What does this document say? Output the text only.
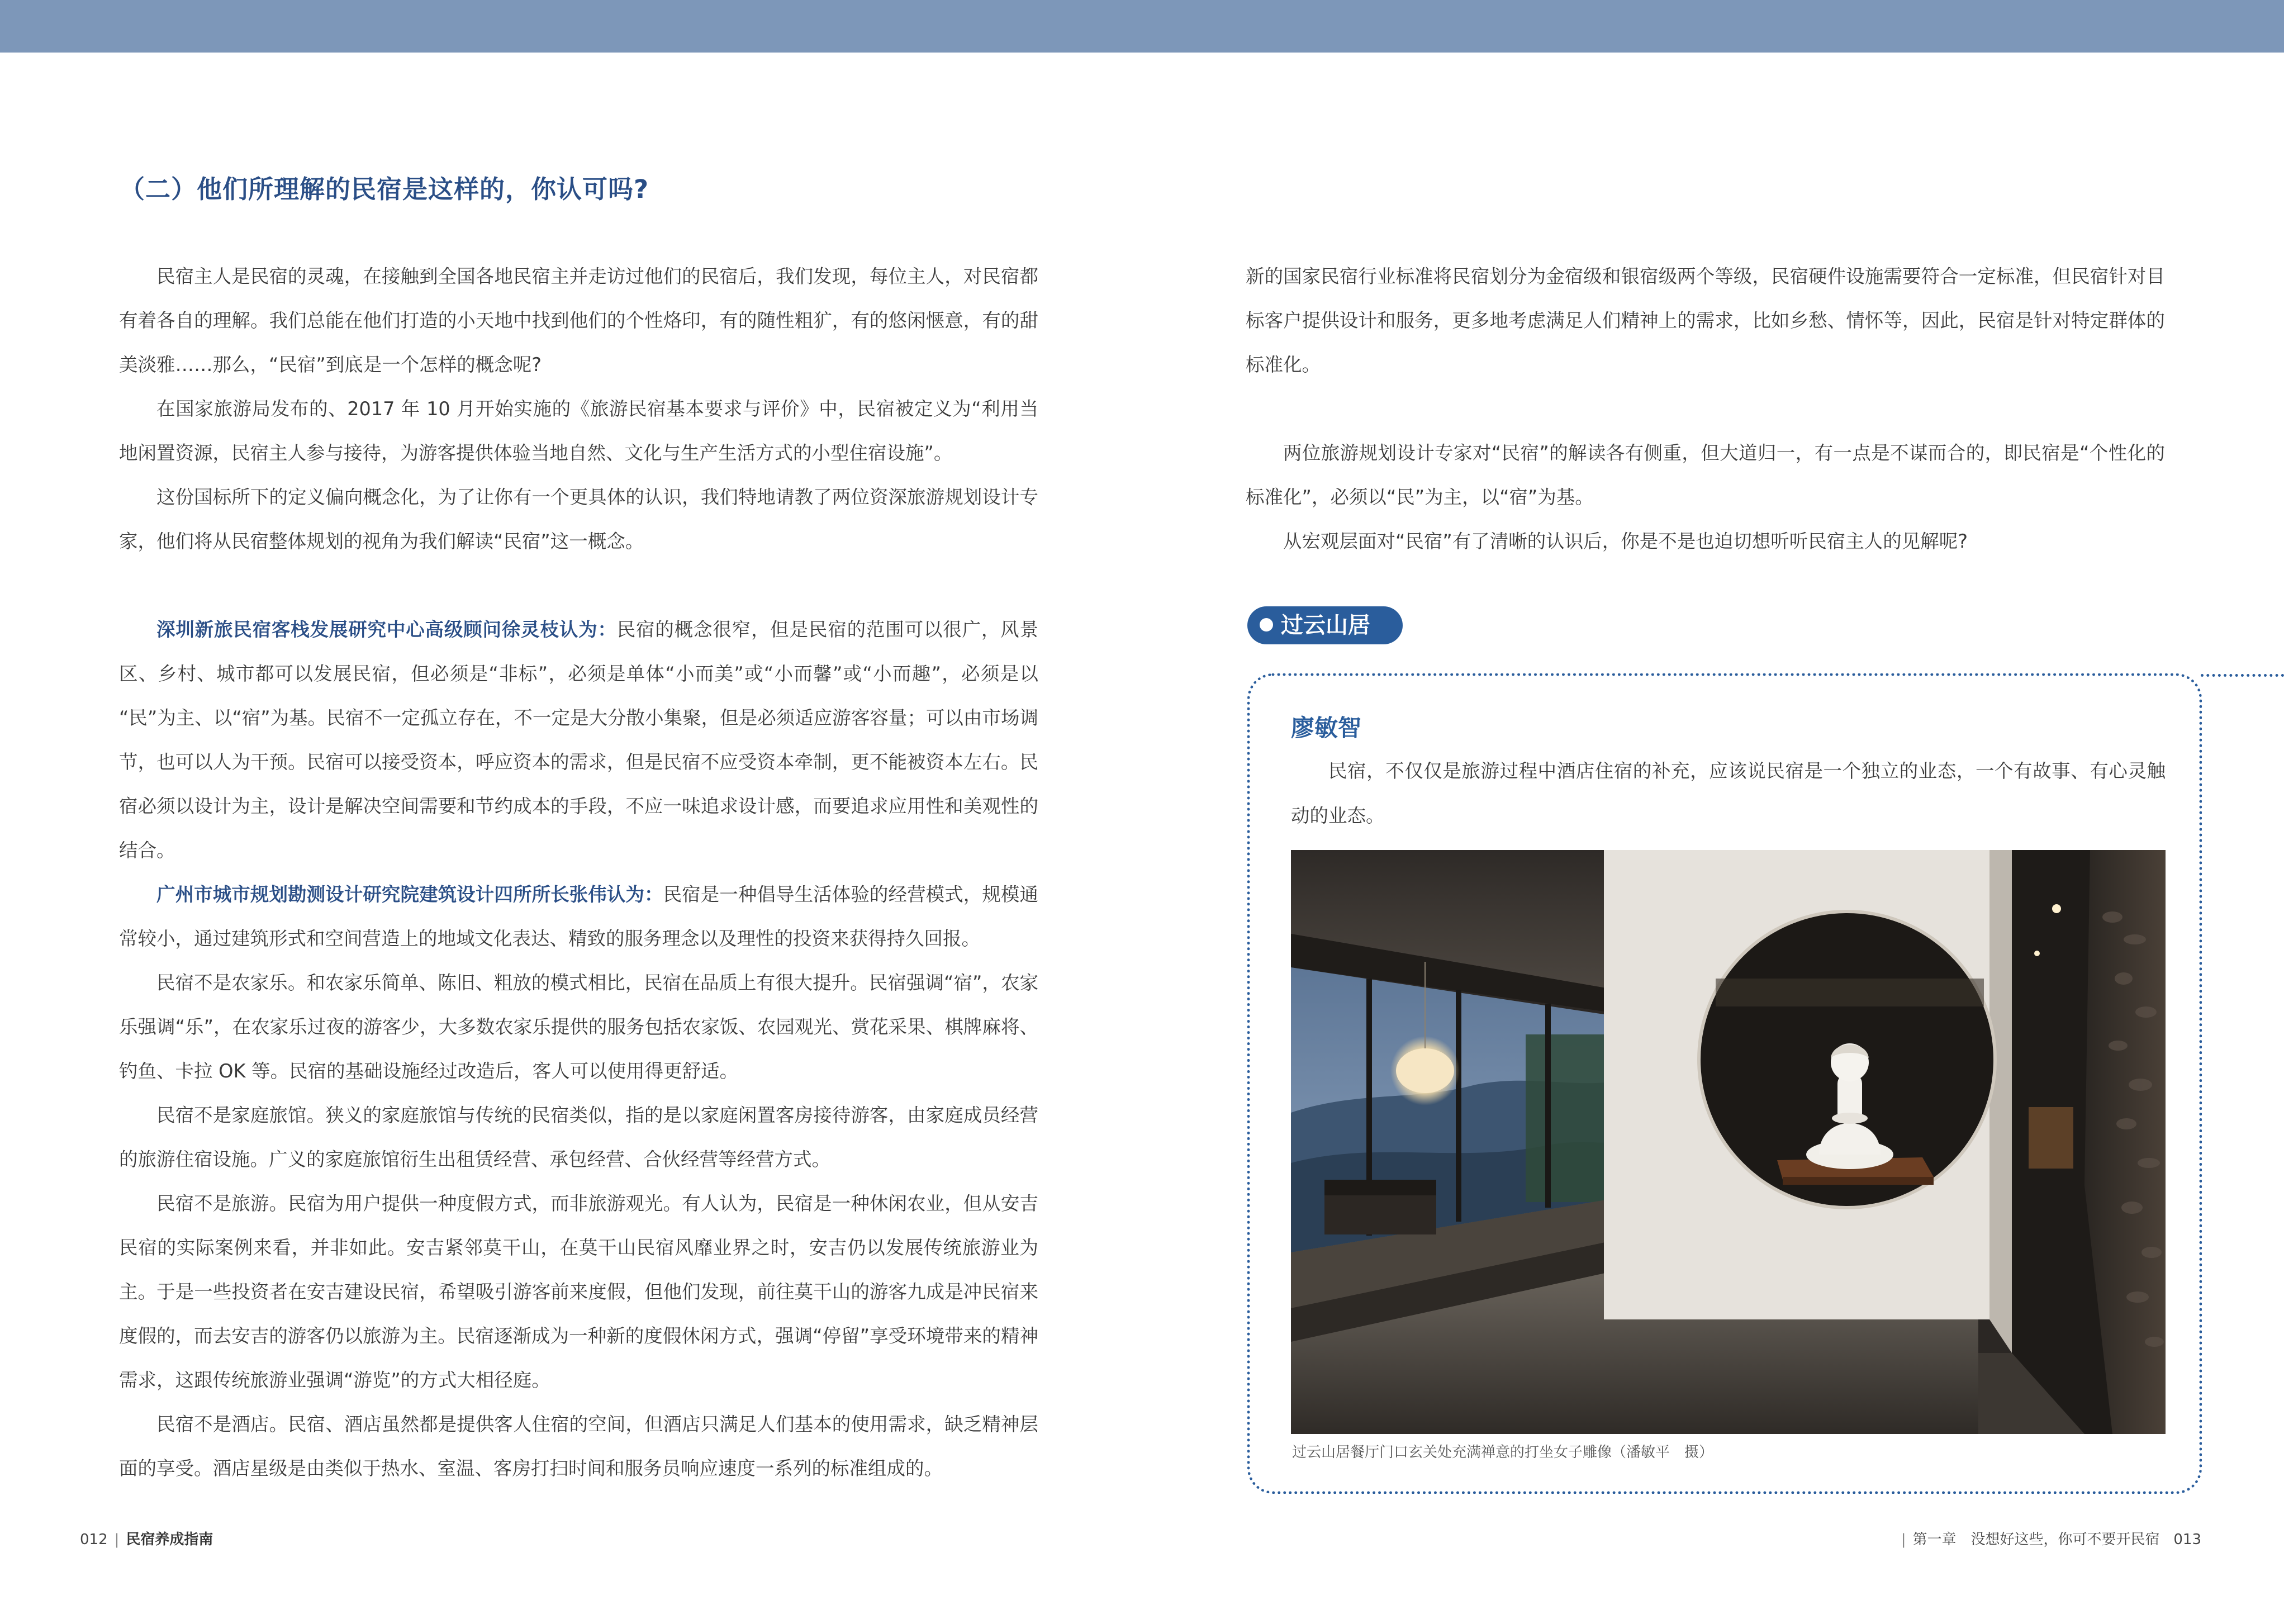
（二）他们所理解的民宿是这样的，你认可吗?

民宿主人是民宿的灵魂，在接触到全国各地民宿主并走访过他们的民宿后，我们发现，每位主人，对民宿都有着各自的理解。我们总能在他们打造的小天地中找到他们的个性烙印，有的随性粗犷，有的悠闲惬意，有的甜美淡雅……那么，“民宿”到底是一个怎样的概念呢?

在国家旅游局发布的、2017 年 10 月开始实施的《旅游民宿基本要求与评价》中，民宿被定义为“利用当地闲置资源，民宿主人参与接待，为游客提供体验当地自然、文化与生产生活方式的小型住宿设施”。

这份国标所下的定义偏向概念化，为了让你有一个更具体的认识，我们特地请教了两位资深旅游规划设计专家，他们将从民宿整体规划的视角为我们解读“民宿”这一概念。

深圳新旅民宿客栈发展研究中心高级顾问徐灵枝认为：民宿的概念很窄，但是民宿的范围可以很广，风景区、乡村、城市都可以发展民宿，但必须是“非标”，必须是单体“小而美”或“小而馨”或“小而趣”，必须是以 “民”为主、以“宿”为基。民宿不一定孤立存在，不一定是大分散小集聚，但是必须适应游客容量；可以由市场调节，也可以人为干预。民宿可以接受资本，呼应资本的需求，但是民宿不应受资本牵制，更不能被资本左右。民宿必须以设计为主，设计是解决空间需要和节约成本的手段，不应一味追求设计感，而要追求应用性和美观性的结合。

广州市城市规划勘测设计研究院建筑设计四所所长张伟认为：民宿是一种倡导生活体验的经营模式，规模通常较小，通过建筑形式和空间营造上的地域文化表达、精致的服务理念以及理性的投资来获得持久回报。

民宿不是农家乐。和农家乐简单、陈旧、粗放的模式相比，民宿在品质上有很大提升。民宿强调“宿”，农家乐强调“乐”，在农家乐过夜的游客少，大多数农家乐提供的服务包括农家饭、农园观光、赏花采果、棋牌麻将、钓鱼、卡拉 OK 等。民宿的基础设施经过改造后，客人可以使用得更舒适。

民宿不是家庭旅馆。狭义的家庭旅馆与传统的民宿类似，指的是以家庭闲置客房接待游客，由家庭成员经营的旅游住宿设施。广义的家庭旅馆衍生出租赁经营、承包经营、合伙经营等经营方式。

民宿不是旅游。民宿为用户提供一种度假方式，而非旅游观光。有人认为，民宿是一种休闲农业，但从安吉民宿的实际案例来看，并非如此。安吉紧邻莫干山，在莫干山民宿风靡业界之时，安吉仍以发展传统旅游业为主。于是一些投资者在安吉建设民宿，希望吸引游客前来度假，但他们发现，前往莫干山的游客九成是冲民宿来度假的，而去安吉的游客仍以旅游为主。民宿逐渐成为一种新的度假休闲方式，强调“停留”享受环境带来的精神需求，这跟传统旅游业强调“游览”的方式大相径庭。

民宿不是酒店。民宿、酒店虽然都是提供客人住宿的空间，但酒店只满足人们基本的使用需求，缺乏精神层面的享受。酒店星级是由类似于热水、室温、客房打扫时间和服务员响应速度一系列的标准组成的。

新的国家民宿行业标准将民宿划分为金宿级和银宿级两个等级，民宿硬件设施需要符合一定标准，但民宿针对目标客户提供设计和服务，更多地考虑满足人们精神上的需求，比如乡愁、情怀等，因此，民宿是针对特定群体的标准化。

两位旅游规划设计专家对“民宿”的解读各有侧重，但大道归一，有一点是不谋而合的，即民宿是“个性化的标准化”，必须以“民”为主，以“宿”为基。

从宏观层面对“民宿”有了清晰的认识后，你是不是也迫切想听听民宿主人的见解呢?

过云山居
廖敏智
民宿，不仅仅是旅游过程中酒店住宿的补充，应该说民宿是一个独立的业态，一个有故事、有心灵触动的业态。
过云山居餐厅门口玄关处充满禅意的打坐女子雕像（潘敏平　摄）
012 | 民宿养成指南	| 第一章　没想好这些，你可不要开民宿 013
